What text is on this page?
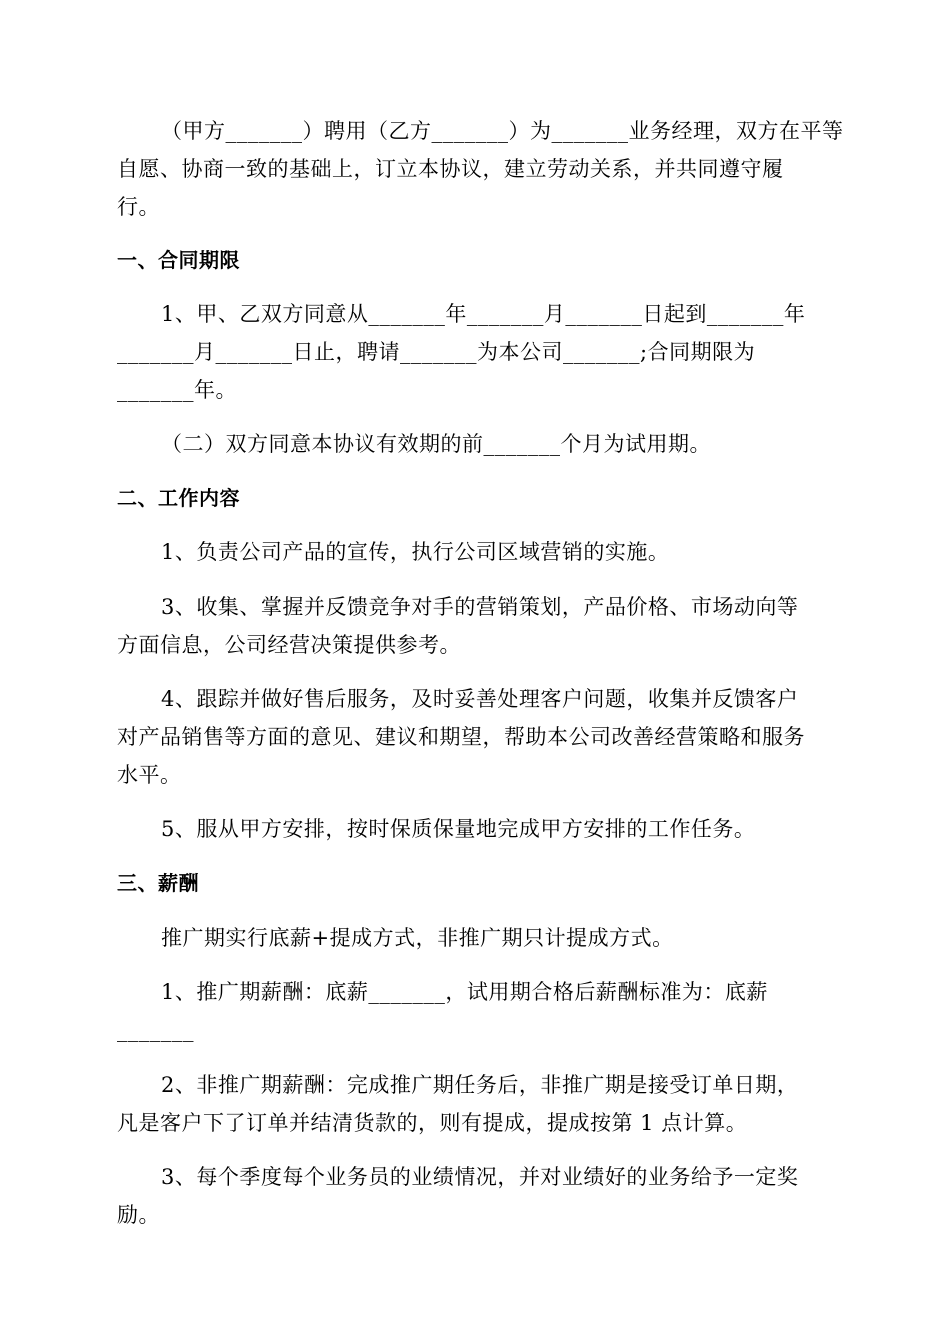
（甲方_______）聘用（乙方_______）为_______业务经理，双方在平等
自愿、协商一致的基础上，订立本协议，建立劳动关系，并共同遵守履
行。
一、合同期限
1、甲、乙双方同意从_______年_______月_______日起到_______年
_______月_______日止，聘请_______为本公司_______;合同期限为
_______年。
（二）双方同意本协议有效期的前_______个月为试用期。
二、工作内容
1、负责公司产品的宣传，执行公司区域营销的实施。
3、收集、掌握并反馈竞争对手的营销策划，产品价格、市场动向等
方面信息，公司经营决策提供参考。
4、跟踪并做好售后服务，及时妥善处理客户问题，收集并反馈客户
对产品销售等方面的意见、建议和期望，帮助本公司改善经营策略和服务
水平。
5、服从甲方安排，按时保质保量地完成甲方安排的工作任务。
三、薪酬
推广期实行底薪+提成方式，非推广期只计提成方式。
1、推广期薪酬：底薪_______，试用期合格后薪酬标准为：底薪
_______
2、非推广期薪酬：完成推广期任务后，非推广期是接受订单日期，
凡是客户下了订单并结清货款的，则有提成，提成按第 1 点计算。
3、每个季度每个业务员的业绩情况，并对业绩好的业务给予一定奖
励。
